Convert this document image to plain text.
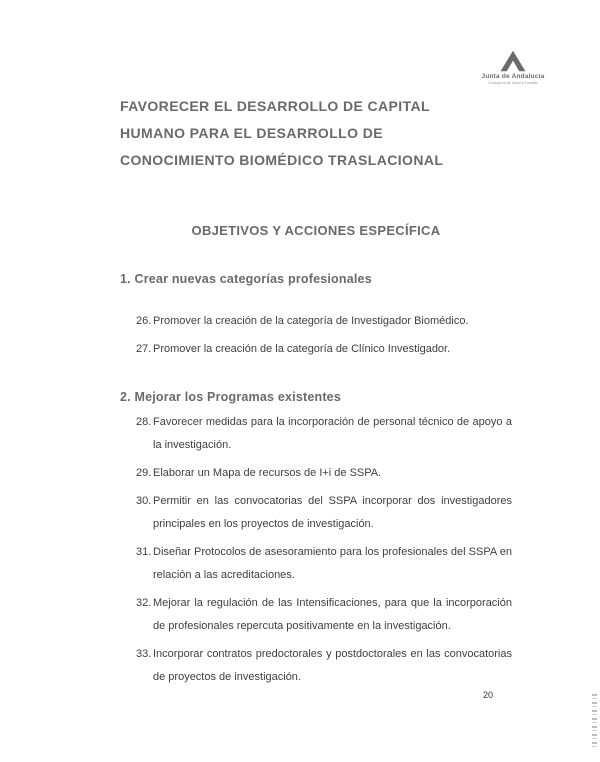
Junta de Andalucía
Consejería de Salud y Familias
FAVORECER EL DESARROLLO DE CAPITAL
HUMANO PARA EL DESARROLLO DE
CONOCIMIENTO BIOMÉDICO TRASLACIONAL
OBJETIVOS Y ACCIONES ESPECÍFICA
1. Crear nuevas categorías profesionales
26. Promover la creación de la categoría de Investigador Biomédico.
27. Promover la creación de la categoría de Clínico Investigador.
2. Mejorar los Programas existentes
28. Favorecer medidas para la incorporación de personal técnico de apoyo a la investigación.
29. Elaborar un Mapa de recursos de I+i de SSPA.
30. Permitir en las convocatorias del SSPA incorporar dos investigadores principales en los proyectos de investigación.
31. Diseñar Protocolos de asesoramiento para los profesionales del SSPA en relación a las acreditaciones.
32. Mejorar la regulación de las Intensificaciones, para que la incorporación de profesionales repercuta positivamente en la investigación.
33. Incorporar contratos predoctorales y postdoctorales en las convocatorias de proyectos de investigación.
20
